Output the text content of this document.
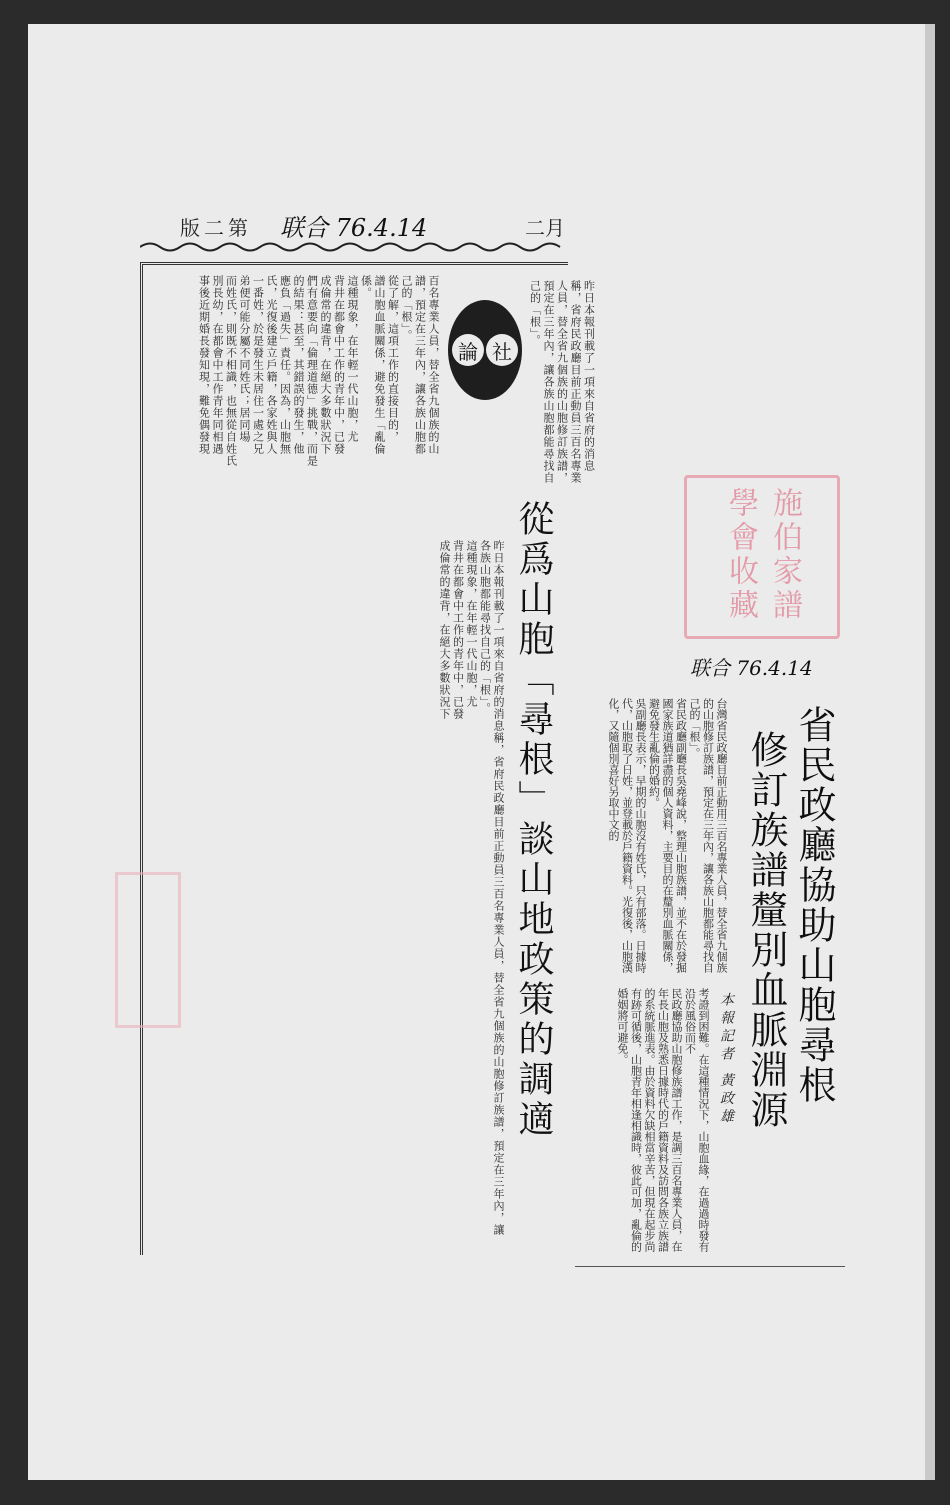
版二第 联合 76.4.14	二月
論 社	昨日本報刊載了一項來自省府的消息稱，省府民政廳目前正動員三百名專業人員，替全省九個族的山胞修訂族譜，預定在三年內，讓各族山胞都能尋找自己的「根」。
百名專業人員，替全省九個族的山
譜，預定在三年內，讓各族山胞都
己的「根」。
從了解，這項工作的直接目的，
譜山胞血脈關係，避免發生「亂倫
係。
這種現象，在年輕一代山胞，尤
背井在都會中工作的青年中，已發
成倫常的違背，在絕大多數狀況下
們有意要向「倫理道德」挑戰，而是
的結果：甚至，其錯誤的發生，他
應負「過失」責任。因為，山胞無
氏，光復後建立戶籍，各家姓與人
一番姓，於是發生未居住一處之兄
弟便可能分屬不同姓氏；居同場
而姓氏，則既不相識，也無從自姓氏
別長幼，在都會中工作青年同相遇
事後近期婚長發知現，難免偶發現
從爲山胞「尋根」談山地政策的調適
昨日本報刊載了一項來自省府的消息稱，省府民政廳目前正動員三百名專業人員，替全省九個族的山胞修訂族譜，預定在三年內，讓各族山胞都能尋找自己的「根」。
這種現象，在年輕一代山胞，尤
背井在都會中工作的青年中，已發
成倫常的違背，在絕大多數狀況下	施伯家譜學會收藏
联合 76.4.14
省民政廳協助山胞尋根
修訂族譜釐別血脈淵源

台灣省民政廳目前正動用三百名專業人員，替全省九個族的山胞修訂族譜，預定在三年內，讓各族山胞都能尋找自己的「根」。

省民政廳副廳長吳堯峰說，整理山胞族譜，並不在於發掘國家族道猶詳盡的個人資料，主要目的在釐別血脈關係，避免發生亂倫的婚約。

吳副廳長表示，早期的山胞沒有姓氏，只有部落。日據時代，山胞取了日姓，並登載於戶籍資料。光復後，山胞漢化，又隨個別喜好另取中文的

本報記者 黃政雄

考證到困難。在這種情況下，山胞血緣，在過過時發有沿於風俗而不

民政廳協助山胞修族譜工作，是調三百名專業人員，在年長山胞及熟悉日據時代的戶籍資料及訪問各族立族譜的系統脈進表。由於資料欠缺相當辛苦，但現在起步尚有跡可循後，山胞青年相逢相識時，彼此可加，亂倫的婚姻將可避免。
